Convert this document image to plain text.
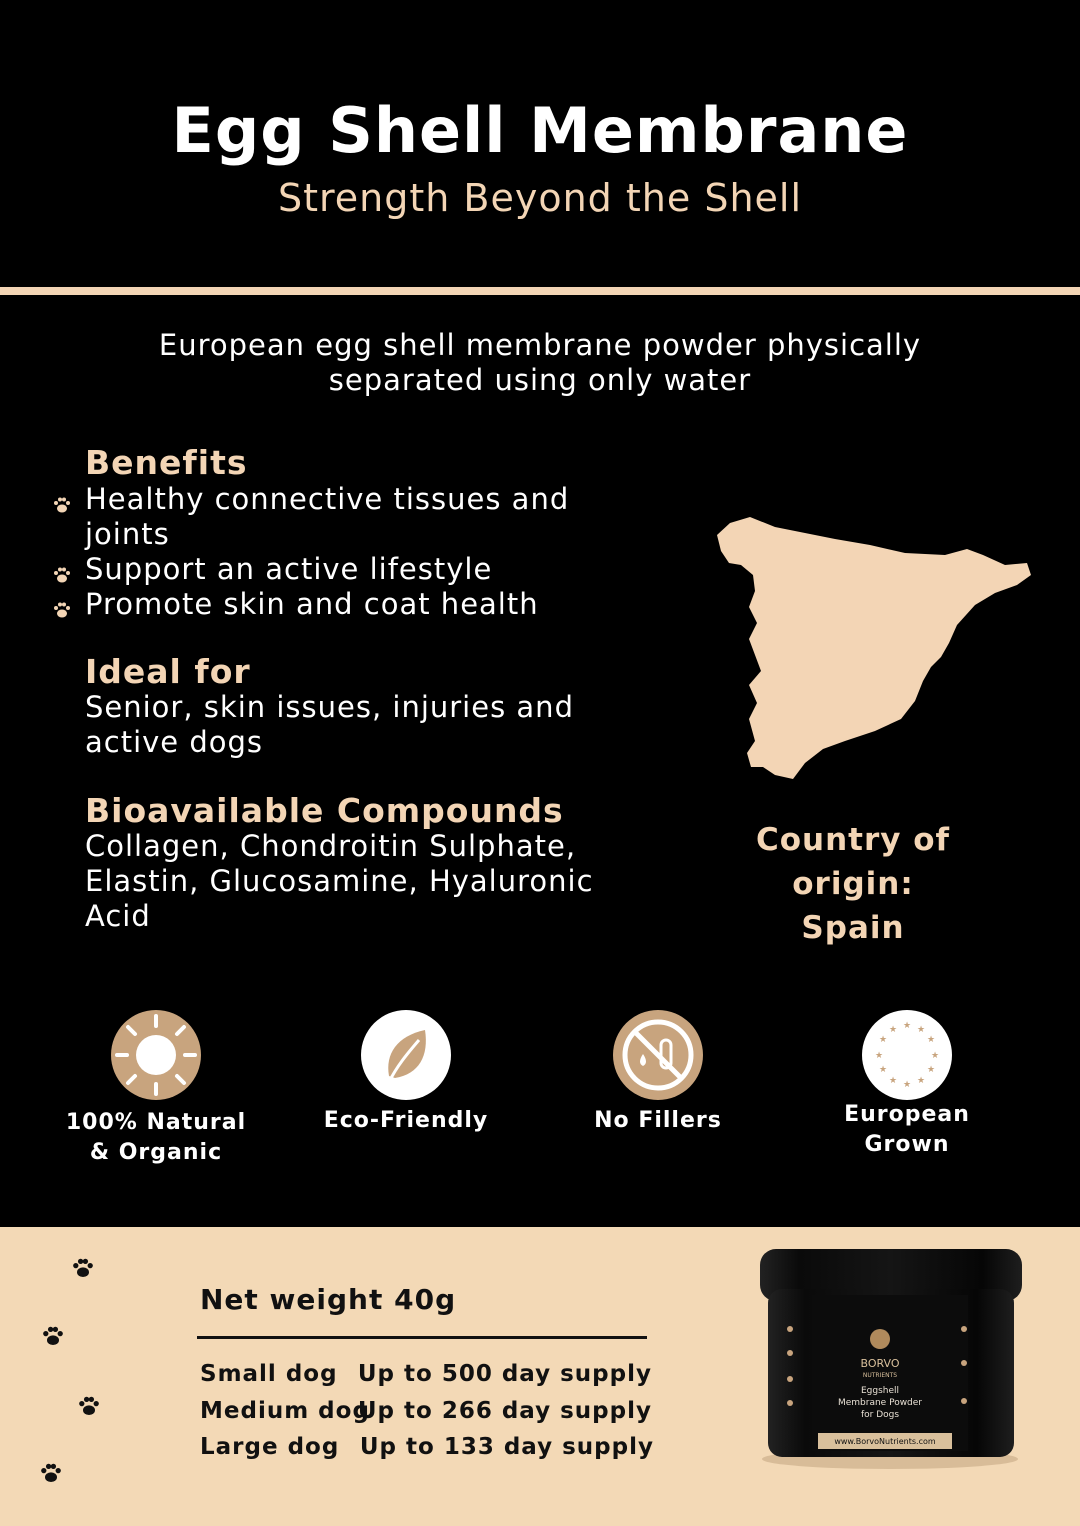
Egg Shell Membrane
Strength Beyond the Shell
European egg shell membrane powder physically
separated using only water
Benefits
Healthy connective tissues and joints
Support an active lifestyle
Promote skin and coat health
Ideal for
Senior, skin issues, injuries and
active dogs
Bioavailable Compounds
Collagen, Chondroitin Sulphate,
Elastin, Glucosamine, Hyaluronic
Acid
Country of origin:
Spain
100% Natural
& Organic
Eco-Friendly	No Fillers
★ ★
★
★
★
★
★
★
★
★
★
★
European
Grown
Net weight 40g
Small dog Up to 500 day supply
Medium dog
Up to 266 day supply
Large dog Up to 133 day supply
BORVO
NUTRIENTS
Eggshell
Membrane Powder
for Dogs
www.BorvoNutrients.com
